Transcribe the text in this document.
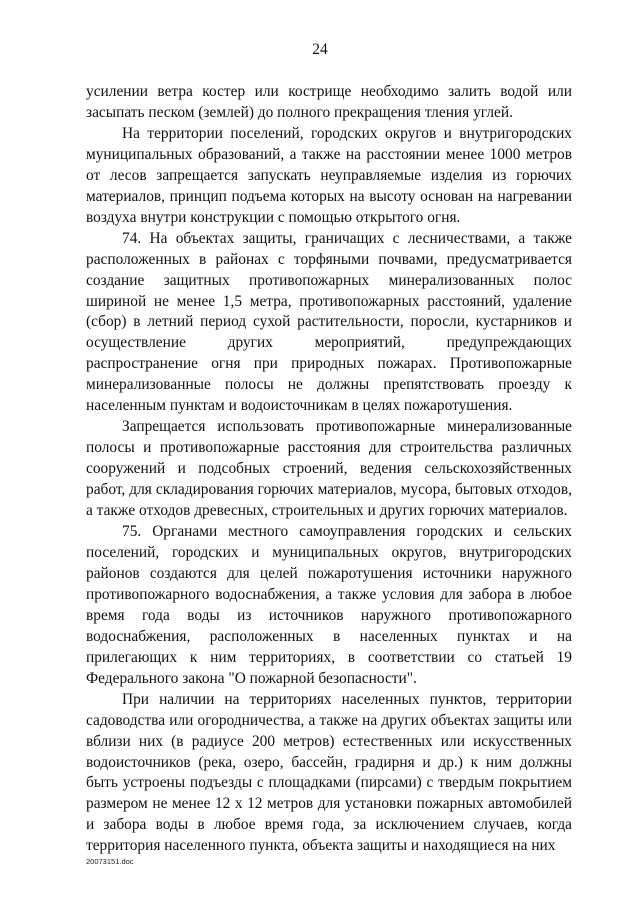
24

усилении ветра костер или кострище необходимо залить водой или засыпать песком (землей) до полного прекращения тления углей.

На территории поселений, городских округов и внутригородских муниципальных образований, а также на расстоянии менее 1000 метров от лесов запрещается запускать неуправляемые изделия из горючих материалов, принцип подъема которых на высоту основан на нагревании воздуха внутри конструкции с помощью открытого огня.

74. На объектах защиты, граничащих с лесничествами, а также расположенных в районах с торфяными почвами, предусматривается создание защитных противопожарных минерализованных полос шириной не менее 1,5 метра, противопожарных расстояний, удаление (сбор) в летний период сухой растительности, поросли, кустарников и осуществление других мероприятий, предупреждающих распространение огня при природных пожарах. Противопожарные минерализованные полосы не должны препятствовать проезду к населенным пунктам и водоисточникам в целях пожаротушения.

Запрещается использовать противопожарные минерализованные полосы и противопожарные расстояния для строительства различных сооружений и подсобных строений, ведения сельскохозяйственных работ, для складирования горючих материалов, мусора, бытовых отходов, а также отходов древесных, строительных и других горючих материалов.

75. Органами местного самоуправления городских и сельских поселений, городских и муниципальных округов, внутригородских районов создаются для целей пожаротушения источники наружного противопожарного водоснабжения, а также условия для забора в любое время года воды из источников наружного противопожарного водоснабжения, расположенных в населенных пунктах и на прилегающих к ним территориях, в соответствии со статьей 19 Федерального закона "О пожарной безопасности".

При наличии на территориях населенных пунктов, территории садоводства или огородничества, а также на других объектах защиты или вблизи них (в радиусе 200 метров) естественных или искусственных водоисточников (река, озеро, бассейн, градирня и др.) к ним должны быть устроены подъезды с площадками (пирсами) с твердым покрытием размером не менее 12 х 12 метров для установки пожарных автомобилей и забора воды в любое время года, за исключением случаев, когда территория населенного пункта, объекта защиты и находящиеся на них

20073151.doc
